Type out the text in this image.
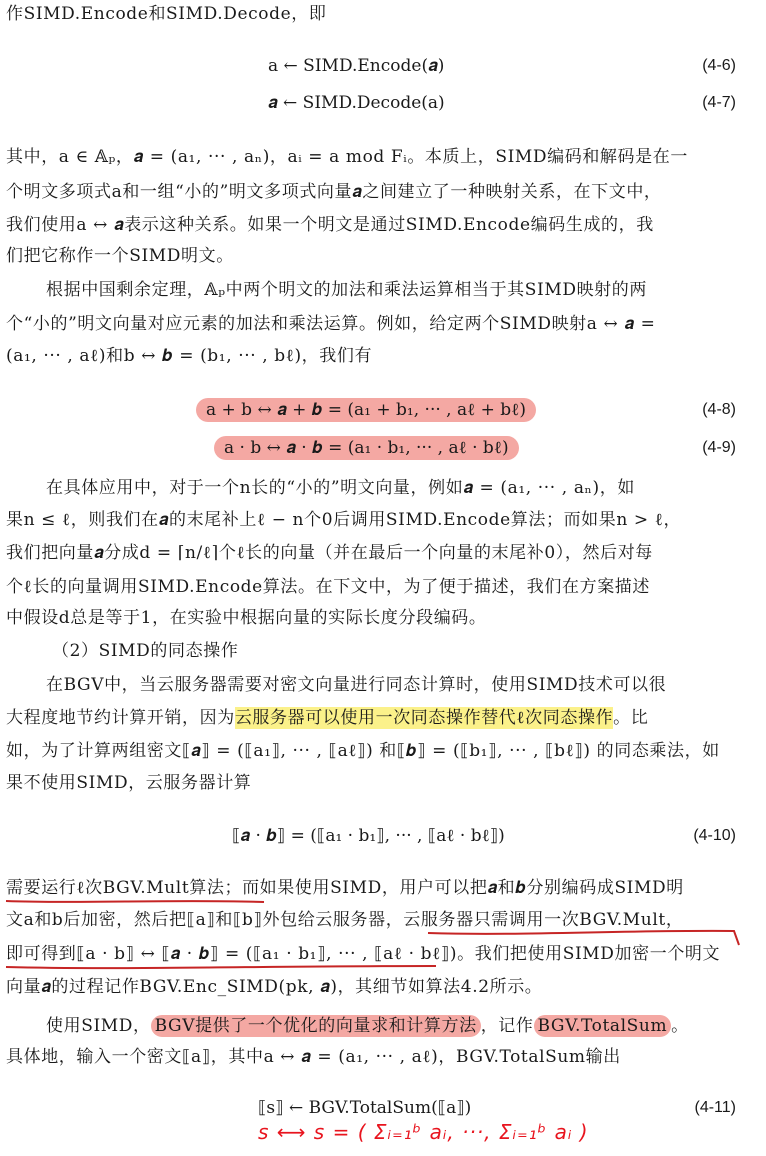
作SIMD.Encode和SIMD.Decode，即
a ← SIMD.Encode(𝒂)	(4-6)
𝒂 ← SIMD.Decode(a)	(4-7)
其中，a ∈ 𝔸ₚ，𝒂 = (a₁, ··· , aₙ)，aᵢ = a mod Fᵢ。本质上，SIMD编码和解码是在一
个明文多项式a和一组“小的”明文多项式向量𝒂之间建立了一种映射关系，在下文中，
我们使用a ↔ 𝒂表示这种关系。如果一个明文是通过SIMD.Encode编码生成的，我
们把它称作一个SIMD明文。
根据中国剩余定理，𝔸ₚ中两个明文的加法和乘法运算相当于其SIMD映射的两
个“小的”明文向量对应元素的加法和乘法运算。例如，给定两个SIMD映射a ↔ 𝒂 =
(a₁, ··· , aℓ)和b ↔ 𝒃 = (b₁, ··· , bℓ)，我们有
a + b ↔ 𝒂 + 𝒃 = (a₁ + b₁, ··· , aℓ + bℓ)	(4-8)
a · b ↔ 𝒂 · 𝒃 = (a₁ · b₁, ··· , aℓ · bℓ)	(4-9)
在具体应用中，对于一个n长的“小的”明文向量，例如𝒂 = (a₁, ··· , aₙ)，如
果n ≤ ℓ，则我们在𝒂的末尾补上ℓ − n个0后调用SIMD.Encode算法；而如果n > ℓ，
我们把向量𝒂分成d = ⌈n/ℓ⌉个ℓ长的向量（并在最后一个向量的末尾补0），然后对每
个ℓ长的向量调用SIMD.Encode算法。在下文中，为了便于描述，我们在方案描述
中假设d总是等于1，在实验中根据向量的实际长度分段编码。
（2）SIMD的同态操作
在BGV中，当云服务器需要对密文向量进行同态计算时，使用SIMD技术可以很
大程度地节约计算开销，因为云服务器可以使用一次同态操作替代ℓ次同态操作。比
如，为了计算两组密文⟦𝒂⟧ = (⟦a₁⟧, ··· , ⟦aℓ⟧) 和⟦𝒃⟧ = (⟦b₁⟧, ··· , ⟦bℓ⟧) 的同态乘法，如
果不使用SIMD，云服务器计算
⟦𝒂 · 𝒃⟧ = (⟦a₁ · b₁⟧, ··· , ⟦aℓ · bℓ⟧)	(4-10)
需要运行ℓ次BGV.Mult算法；而如果使用SIMD，用户可以把𝒂和𝒃分别编码成SIMD明
文a和b后加密，然后把⟦a⟧和⟦b⟧外包给云服务器，云服务器只需调用一次BGV.Mult，
即可得到⟦a · b⟧ ↔ ⟦𝒂 · 𝒃⟧ = (⟦a₁ · b₁⟧, ··· , ⟦aℓ · bℓ⟧)。我们把使用SIMD加密一个明文
向量𝒂的过程记作BGV.Enc_SIMD(pk, 𝒂)，其细节如算法4.2所示。
使用SIMD， BGV提供了一个优化的向量求和计算方法 ，记作 BGV.TotalSum 。
具体地，输入一个密文⟦a⟧，其中a ↔ 𝒂 = (a₁, ··· , aℓ)，BGV.TotalSum输出
⟦s⟧ ← BGV.TotalSum(⟦a⟧)	(4-11)
s ⟷ s = ( Σᵢ₌₁ᵇ aᵢ, ···, Σᵢ₌₁ᵇ aᵢ )
